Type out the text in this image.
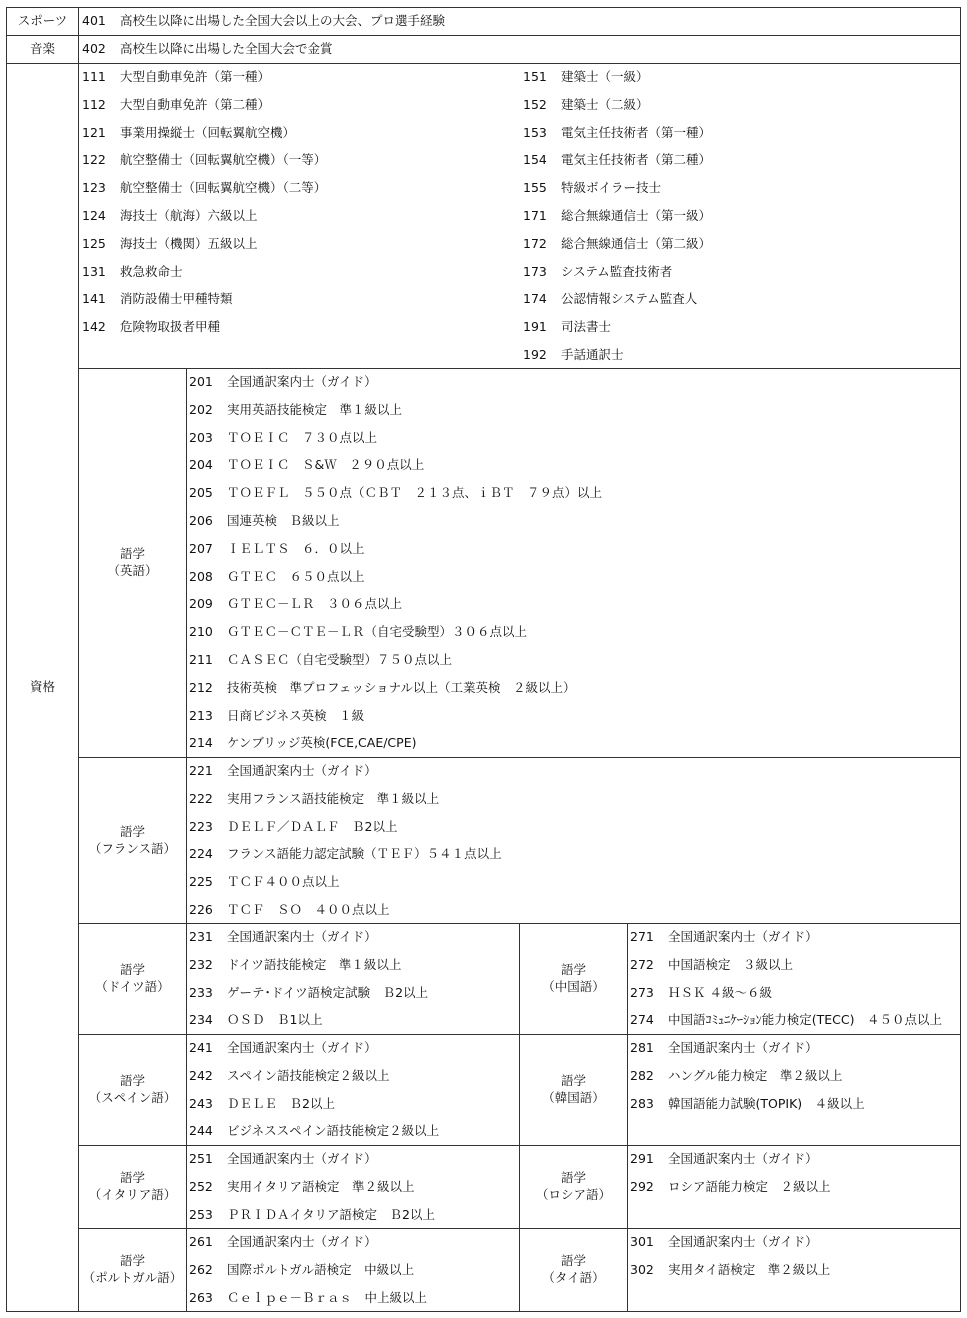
スポーツ	401 高校生以降に出場した全国大会以上の大会、プロ選手経験
音楽	402 高校生以降に出場した全国大会で金賞
資格
111 大型自動車免許（第一種）
112 大型自動車免許（第二種）
121 事業用操縦士（回転翼航空機）
122 航空整備士（回転翼航空機）（一等）
123 航空整備士（回転翼航空機）（二等）
124 海技士（航海）六級以上
125 海技士（機関）五級以上
131 救急救命士
141 消防設備士甲種特類
142 危険物取扱者甲種
151 建築士（一級）
152 建築士（二級）
153 電気主任技術者（第一種）
154 電気主任技術者（第二種）
155 特級ボイラー技士
171 総合無線通信士（第一級）
172 総合無線通信士（第二級）
173 システム監査技術者
174 公認情報システム監査人
191 司法書士
192 手話通訳士
語学
（英語）
201 全国通訳案内士（ガイド）
202 実用英語技能検定　準１級以上
203 ＴＯＥＩＣ　７３０点以上
204 ＴＯＥＩＣ　Ｓ&Ｗ　２９０点以上
205 ＴＯＥＦＬ　５５０点（ＣＢＴ　２１３点、ｉＢＴ　７９点）以上
206 国連英検　Ｂ級以上
207 ＩＥＬＴＳ　６．０以上
208 ＧＴＥＣ　６５０点以上
209 ＧＴＥＣ－ＬＲ　３０６点以上
210 ＧＴＥＣ－ＣＴＥ－ＬＲ（自宅受験型）３０６点以上
211 ＣＡＳＥＣ（自宅受験型）７５０点以上
212 技術英検　準プロフェッショナル以上（工業英検　２級以上）
213 日商ビジネス英検　１級
214 ケンブリッジ英検(FCE,CAE/CPE)
語学
（フランス語）
221 全国通訳案内士（ガイド）
222 実用フランス語技能検定　準１級以上
223 ＤＥＬＦ／ＤＡＬＦ　Ｂ2以上
224 フランス語能力認定試験（ＴＥＦ）５４１点以上
225 ＴＣＦ４００点以上
226 ＴＣＦ　ＳＯ　４００点以上
語学
（ドイツ語）
231 全国通訳案内士（ガイド）
232 ドイツ語技能検定　準１級以上
233 ゲーテ･ドイツ語検定試験　Ｂ2以上
234 ＯＳＤ　Ｂ1以上
語学
（中国語）
271 全国通訳案内士（ガイド）
272 中国語検定　３級以上
273 ＨＳＫ ４級～６級
274 中国語ｺﾐｭﾆｹｰｼｮﾝ能力検定(TECC)　４５０点以上
語学
（スペイン語）
241 全国通訳案内士（ガイド）
242 スペイン語技能検定２級以上
243 ＤＥＬＥ　Ｂ2以上
244 ビジネススペイン語技能検定２級以上
語学
（韓国語）
281 全国通訳案内士（ガイド）
282 ハングル能力検定　準２級以上
283 韓国語能力試験(TOPIK)　４級以上
語学
（イタリア語）
251 全国通訳案内士（ガイド）
252 実用イタリア語検定　準２級以上
253 ＰＲＩＤＡイタリア語検定　Ｂ2以上
語学
（ロシア語）
291 全国通訳案内士（ガイド）
292 ロシア語能力検定　２級以上
語学
（ポルトガル語）
261 全国通訳案内士（ガイド）
262 国際ポルトガル語検定　中級以上
263 Ｃｅｌｐｅ－Ｂｒａｓ　中上級以上
語学
（タイ語）
301 全国通訳案内士（ガイド）
302 実用タイ語検定　準２級以上
